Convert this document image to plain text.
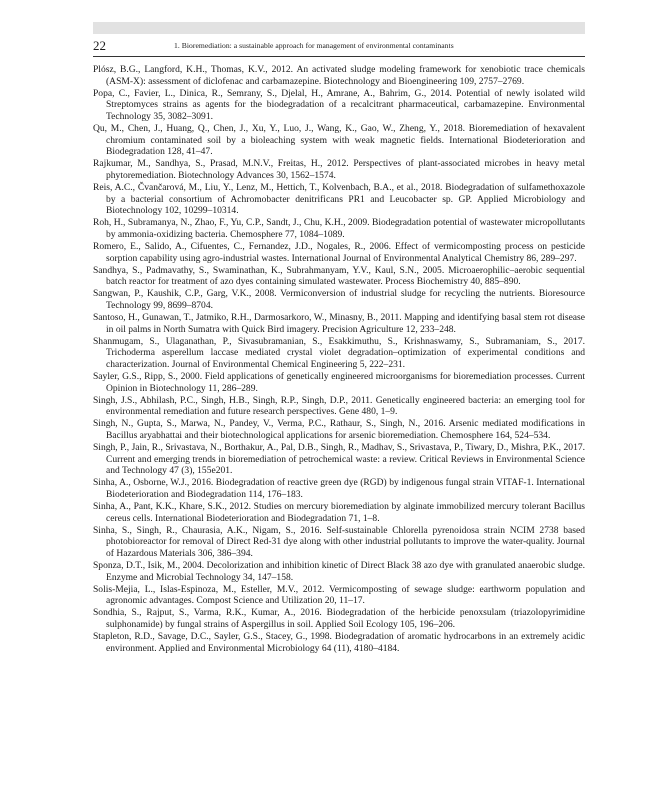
22	1. Bioremediation: a sustainable approach for management of environmental contaminants

Plósz, B.G., Langford, K.H., Thomas, K.V., 2012. An activated sludge modeling framework for xenobiotic trace chemicals (ASM-X): assessment of diclofenac and carbamazepine. Biotechnology and Bioengineering 109, 2757–2769.

Popa, C., Favier, L., Dinica, R., Semrany, S., Djelal, H., Amrane, A., Bahrim, G., 2014. Potential of newly isolated wild Streptomyces strains as agents for the biodegradation of a recalcitrant pharmaceutical, carbamazepine. Environmental Technology 35, 3082–3091.

Qu, M., Chen, J., Huang, Q., Chen, J., Xu, Y., Luo, J., Wang, K., Gao, W., Zheng, Y., 2018. Bioremediation of hexavalent chromium contaminated soil by a bioleaching system with weak magnetic fields. International Biodeterioration and Biodegradation 128, 41–47.

Rajkumar, M., Sandhya, S., Prasad, M.N.V., Freitas, H., 2012. Perspectives of plant-associated microbes in heavy metal phytoremediation. Biotechnology Advances 30, 1562–1574.

Reis, A.C., Čvančarová, M., Liu, Y., Lenz, M., Hettich, T., Kolvenbach, B.A., et al., 2018. Biodegradation of sulfamethoxazole by a bacterial consortium of Achromobacter denitrificans PR1 and Leucobacter sp. GP. Applied Microbiology and Biotechnology 102, 10299–10314.

Roh, H., Subramanya, N., Zhao, F., Yu, C.P., Sandt, J., Chu, K.H., 2009. Biodegradation potential of wastewater micropollutants by ammonia-oxidizing bacteria. Chemosphere 77, 1084–1089.

Romero, E., Salido, A., Cifuentes, C., Fernandez, J.D., Nogales, R., 2006. Effect of vermicomposting process on pesticide sorption capability using agro-industrial wastes. International Journal of Environmental Analytical Chemistry 86, 289–297.

Sandhya, S., Padmavathy, S., Swaminathan, K., Subrahmanyam, Y.V., Kaul, S.N., 2005. Microaerophilic–aerobic sequential batch reactor for treatment of azo dyes containing simulated wastewater. Process Biochemistry 40, 885–890.

Sangwan, P., Kaushik, C.P., Garg, V.K., 2008. Vermiconversion of industrial sludge for recycling the nutrients. Bioresource Technology 99, 8699–8704.

Santoso, H., Gunawan, T., Jatmiko, R.H., Darmosarkoro, W., Minasny, B., 2011. Mapping and identifying basal stem rot disease in oil palms in North Sumatra with Quick Bird imagery. Precision Agriculture 12, 233–248.

Shanmugam, S., Ulaganathan, P., Sivasubramanian, S., Esakkimuthu, S., Krishnaswamy, S., Subramaniam, S., 2017. Trichoderma asperellum laccase mediated crystal violet degradation–optimization of experimental conditions and characterization. Journal of Environmental Chemical Engineering 5, 222–231.

Sayler, G.S., Ripp, S., 2000. Field applications of genetically engineered microorganisms for bioremediation processes. Current Opinion in Biotechnology 11, 286–289.

Singh, J.S., Abhilash, P.C., Singh, H.B., Singh, R.P., Singh, D.P., 2011. Genetically engineered bacteria: an emerging tool for environmental remediation and future research perspectives. Gene 480, 1–9.

Singh, N., Gupta, S., Marwa, N., Pandey, V., Verma, P.C., Rathaur, S., Singh, N., 2016. Arsenic mediated modifications in Bacillus aryabhattai and their biotechnological applications for arsenic bioremediation. Chemosphere 164, 524–534.

Singh, P., Jain, R., Srivastava, N., Borthakur, A., Pal, D.B., Singh, R., Madhav, S., Srivastava, P., Tiwary, D., Mishra, P.K., 2017. Current and emerging trends in bioremediation of petrochemical waste: a review. Critical Reviews in Environmental Science and Technology 47 (3), 155e201.

Sinha, A., Osborne, W.J., 2016. Biodegradation of reactive green dye (RGD) by indigenous fungal strain VITAF-1. International Biodeterioration and Biodegradation 114, 176–183.

Sinha, A., Pant, K.K., Khare, S.K., 2012. Studies on mercury bioremediation by alginate immobilized mercury tolerant Bacillus cereus cells. International Biodeterioration and Biodegradation 71, 1–8.

Sinha, S., Singh, R., Chaurasia, A.K., Nigam, S., 2016. Self-sustainable Chlorella pyrenoidosa strain NCIM 2738 based photobioreactor for removal of Direct Red-31 dye along with other industrial pollutants to improve the water-quality. Journal of Hazardous Materials 306, 386–394.

Sponza, D.T., Isik, M., 2004. Decolorization and inhibition kinetic of Direct Black 38 azo dye with granulated anaerobic sludge. Enzyme and Microbial Technology 34, 147–158.

Solis-Mejia, L., Islas-Espinoza, M., Esteller, M.V., 2012. Vermicomposting of sewage sludge: earthworm population and agronomic advantages. Compost Science and Utilization 20, 11–17.

Sondhia, S., Rajput, S., Varma, R.K., Kumar, A., 2016. Biodegradation of the herbicide penoxsulam (triazolopyrimidine sulphonamide) by fungal strains of Aspergillus in soil. Applied Soil Ecology 105, 196–206.

Stapleton, R.D., Savage, D.C., Sayler, G.S., Stacey, G., 1998. Biodegradation of aromatic hydrocarbons in an extremely acidic environment. Applied and Environmental Microbiology 64 (11), 4180–4184.
